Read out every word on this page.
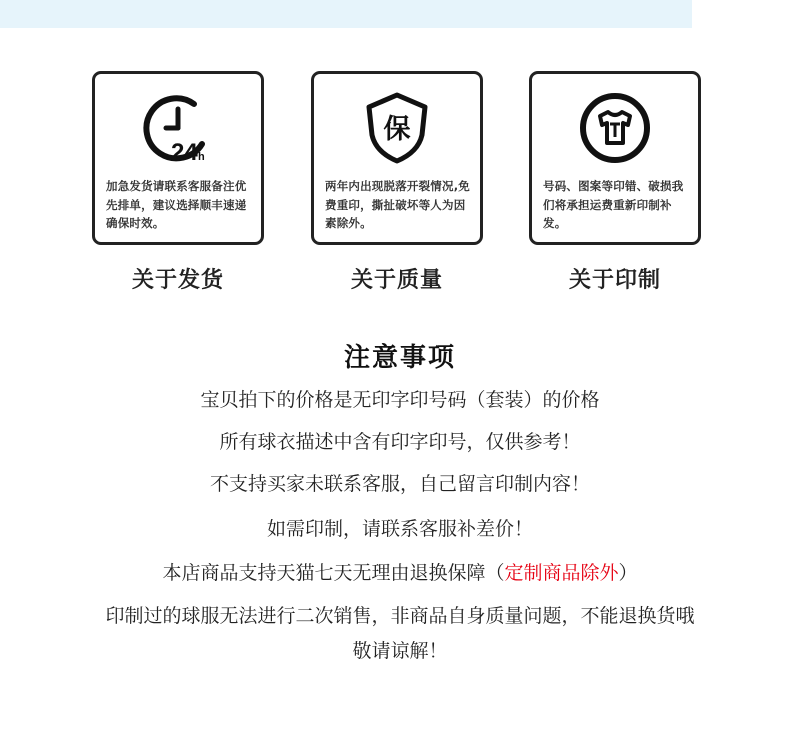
24 h
加急发货请联系客服备注优先排单，建议选择顺丰速递确保时效。
关于发货
保
两年内出现脱落开裂情况,免费重印，撕扯破坏等人为因素除外。
关于质量
号码、图案等印错、破损我们将承担运费重新印制补发。
关于印制
注意事项
宝贝拍下的价格是无印字印号码（套装）的价格
所有球衣描述中含有印字印号，仅供参考！
不支持买家未联系客服，自己留言印制内容！
如需印制，请联系客服补差价！
本店商品支持天猫七天无理由退换保障（定制商品除外）
印制过的球服无法进行二次销售，非商品自身质量问题，不能退换货哦
敬请谅解！
